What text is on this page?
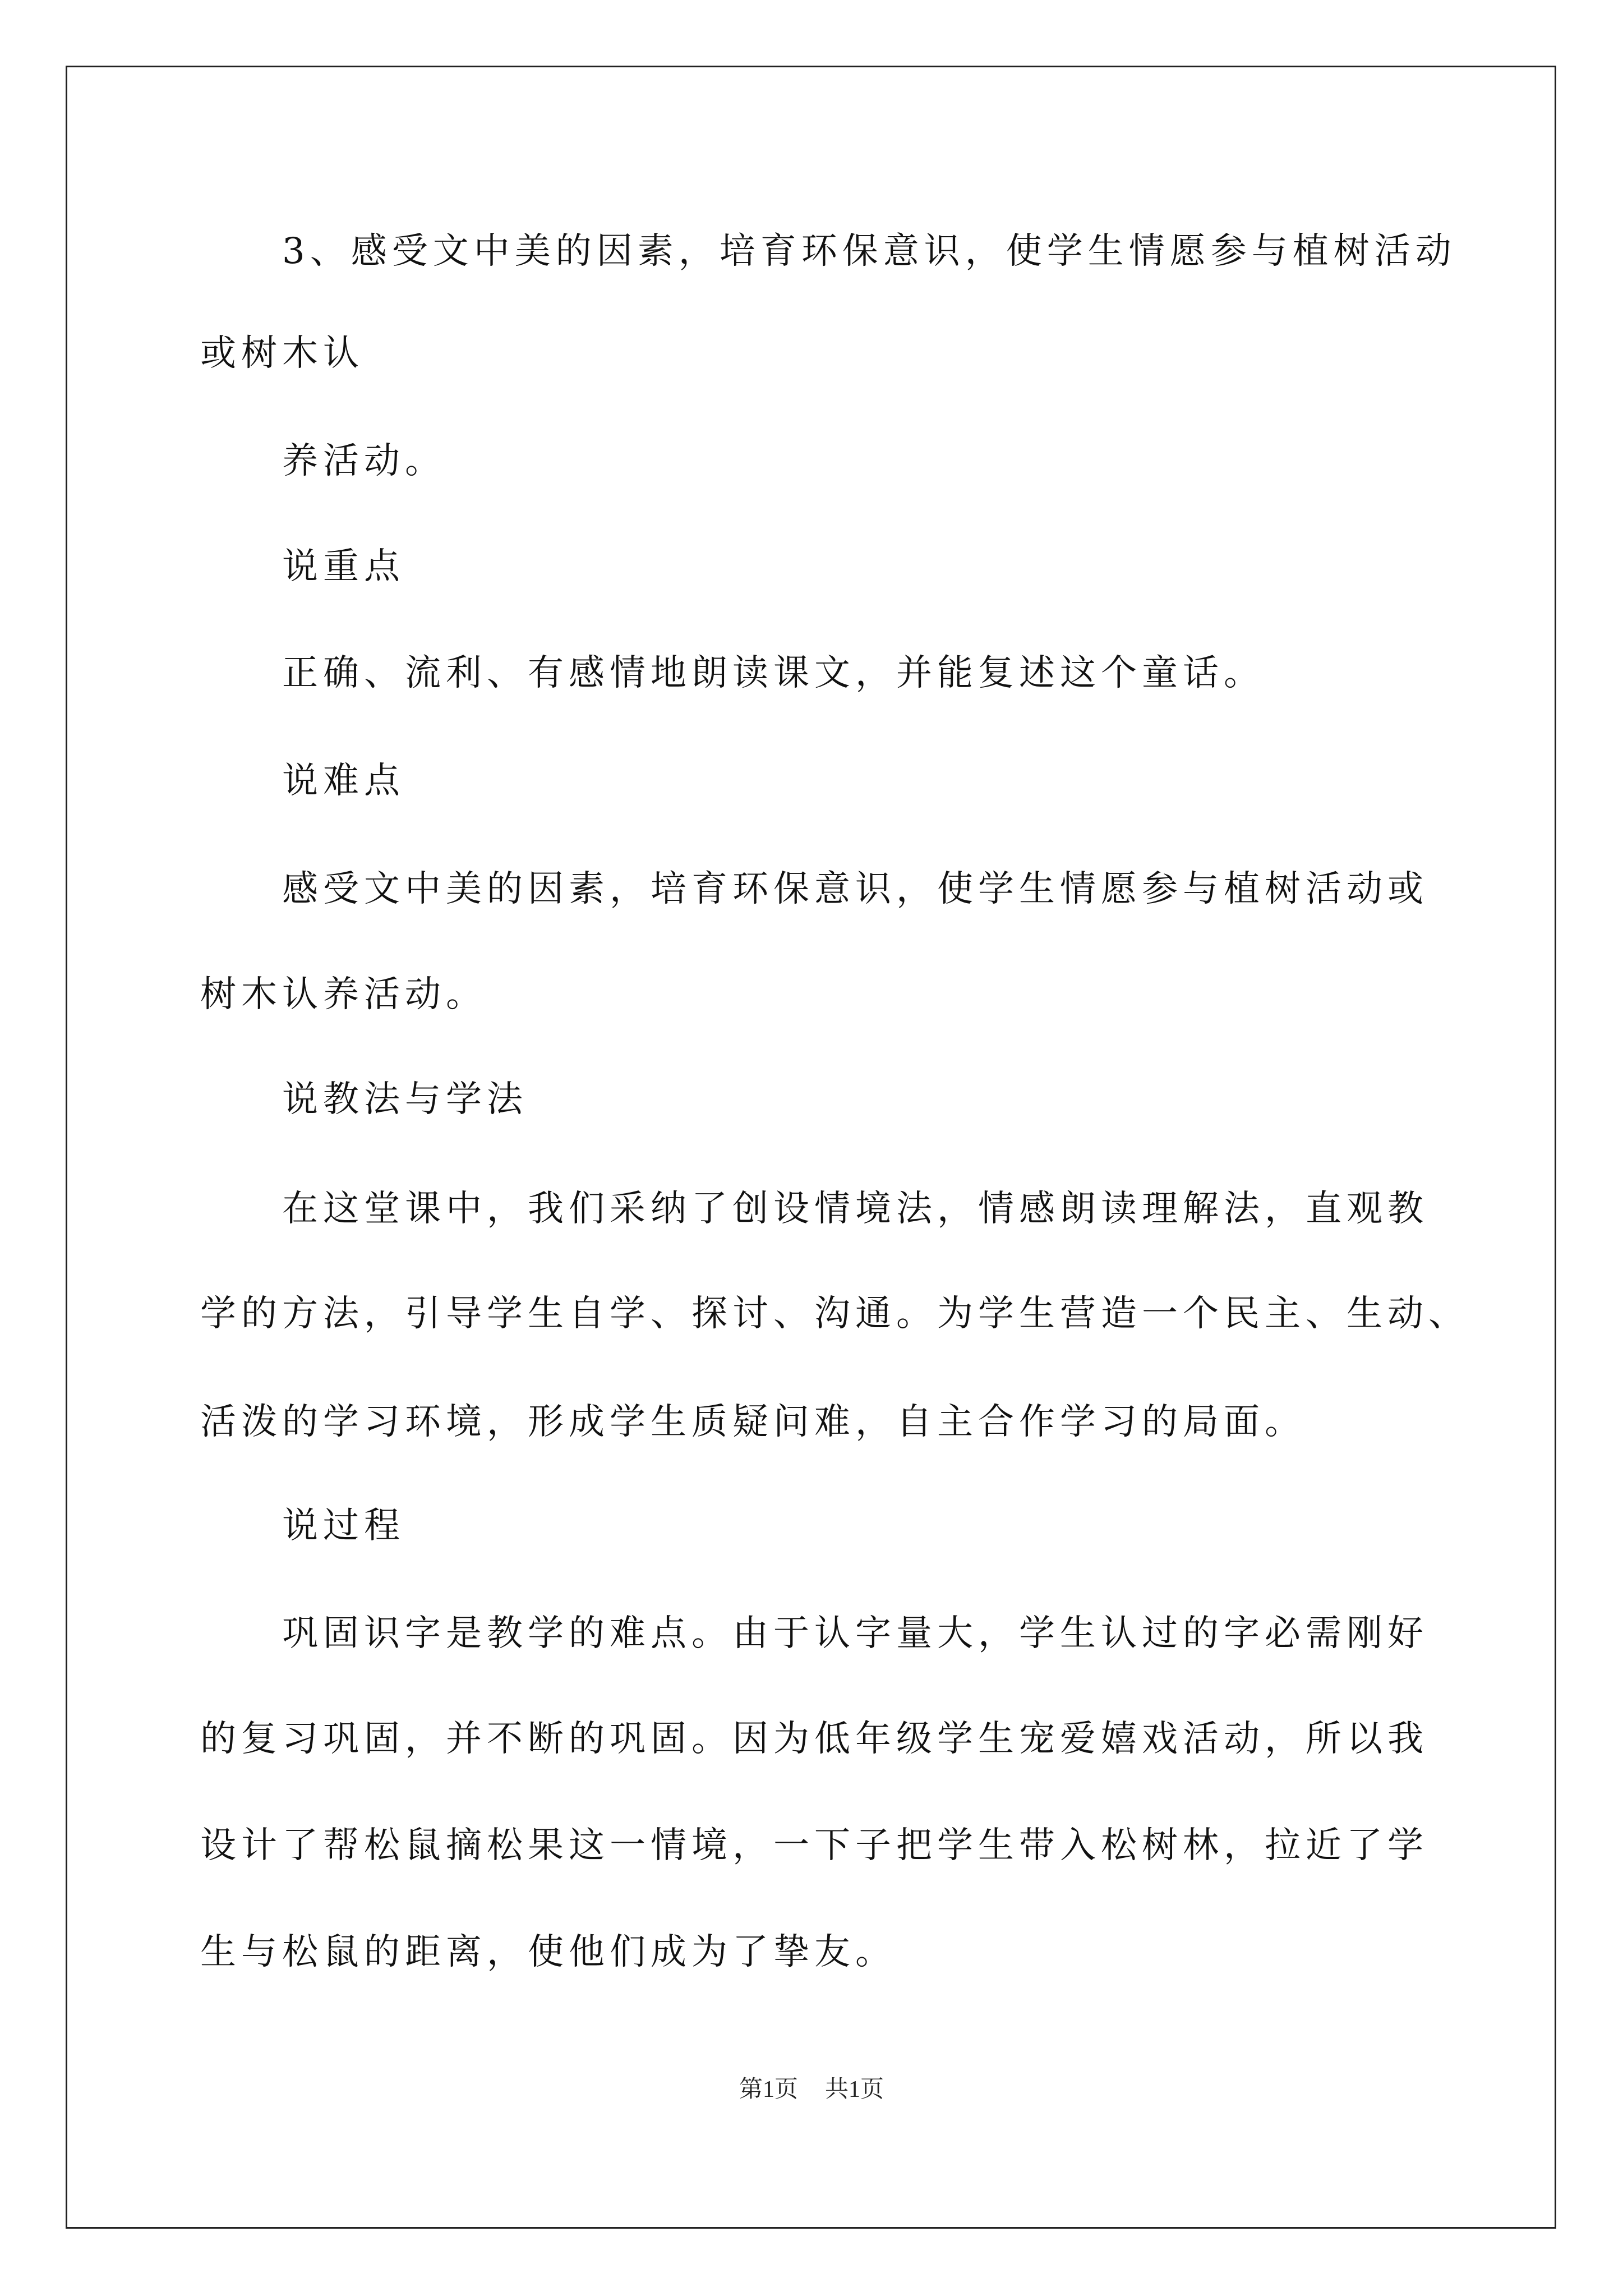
3、感受文中美的因素，培育环保意识，使学生情愿参与植树活动
或树木认
养活动。
说重点
正确、流利、有感情地朗读课文，并能复述这个童话。
说难点
感受文中美的因素，培育环保意识，使学生情愿参与植树活动或
树木认养活动。
说教法与学法
在这堂课中，我们采纳了创设情境法，情感朗读理解法，直观教
学的方法，引导学生自学、探讨、沟通。为学生营造一个民主、生动、
活泼的学习环境，形成学生质疑问难，自主合作学习的局面。
说过程
巩固识字是教学的难点。由于认字量大，学生认过的字必需刚好
的复习巩固，并不断的巩固。因为低年级学生宠爱嬉戏活动，所以我
设计了帮松鼠摘松果这一情境，一下子把学生带入松树林，拉近了学
生与松鼠的距离，使他们成为了挚友。
第1页 共1页
